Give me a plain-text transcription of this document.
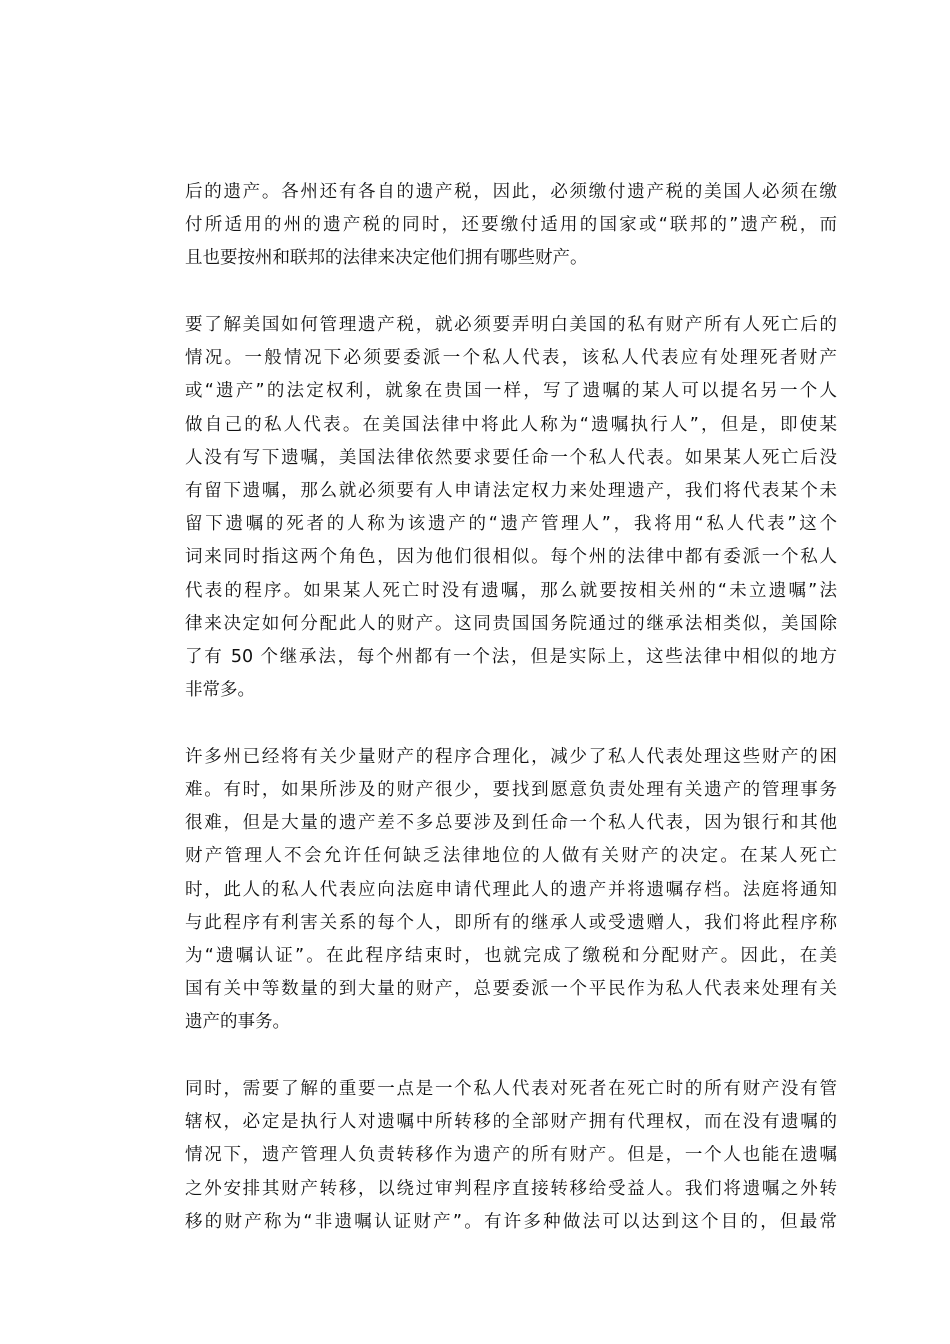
后的遗产。各州还有各自的遗产税，因此，必须缴付遗产税的美国人必须在缴
付所适用的州的遗产税的同时，还要缴付适用的国家或“联邦的”遗产税，而
且也要按州和联邦的法律来决定他们拥有哪些财产。
要了解美国如何管理遗产税，就必须要弄明白美国的私有财产所有人死亡后的
情况。一般情况下必须要委派一个私人代表，该私人代表应有处理死者财产
或“遗产”的法定权利，就象在贵国一样，写了遗嘱的某人可以提名另一个人
做自己的私人代表。在美国法律中将此人称为“遗嘱执行人”，但是，即使某
人没有写下遗嘱，美国法律依然要求要任命一个私人代表。如果某人死亡后没
有留下遗嘱，那么就必须要有人申请法定权力来处理遗产，我们将代表某个未
留下遗嘱的死者的人称为该遗产的“遗产管理人”，我将用“私人代表”这个
词来同时指这两个角色，因为他们很相似。每个州的法律中都有委派一个私人
代表的程序。如果某人死亡时没有遗嘱，那么就要按相关州的“未立遗嘱”法
律来决定如何分配此人的财产。这同贵国国务院通过的继承法相类似，美国除
了有 50 个继承法，每个州都有一个法，但是实际上，这些法律中相似的地方
非常多。
许多州已经将有关少量财产的程序合理化，减少了私人代表处理这些财产的困
难。有时，如果所涉及的财产很少，要找到愿意负责处理有关遗产的管理事务
很难，但是大量的遗产差不多总要涉及到任命一个私人代表，因为银行和其他
财产管理人不会允许任何缺乏法律地位的人做有关财产的决定。在某人死亡
时，此人的私人代表应向法庭申请代理此人的遗产并将遗嘱存档。法庭将通知
与此程序有利害关系的每个人，即所有的继承人或受遗赠人，我们将此程序称
为“遗嘱认证”。在此程序结束时，也就完成了缴税和分配财产。因此，在美
国有关中等数量的到大量的财产，总要委派一个平民作为私人代表来处理有关
遗产的事务。
同时，需要了解的重要一点是一个私人代表对死者在死亡时的所有财产没有管
辖权，必定是执行人对遗嘱中所转移的全部财产拥有代理权，而在没有遗嘱的
情况下，遗产管理人负责转移作为遗产的所有财产。但是，一个人也能在遗嘱
之外安排其财产转移，以绕过审判程序直接转移给受益人。我们将遗嘱之外转
移的财产称为“非遗嘱认证财产”。有许多种做法可以达到这个目的，但最常
